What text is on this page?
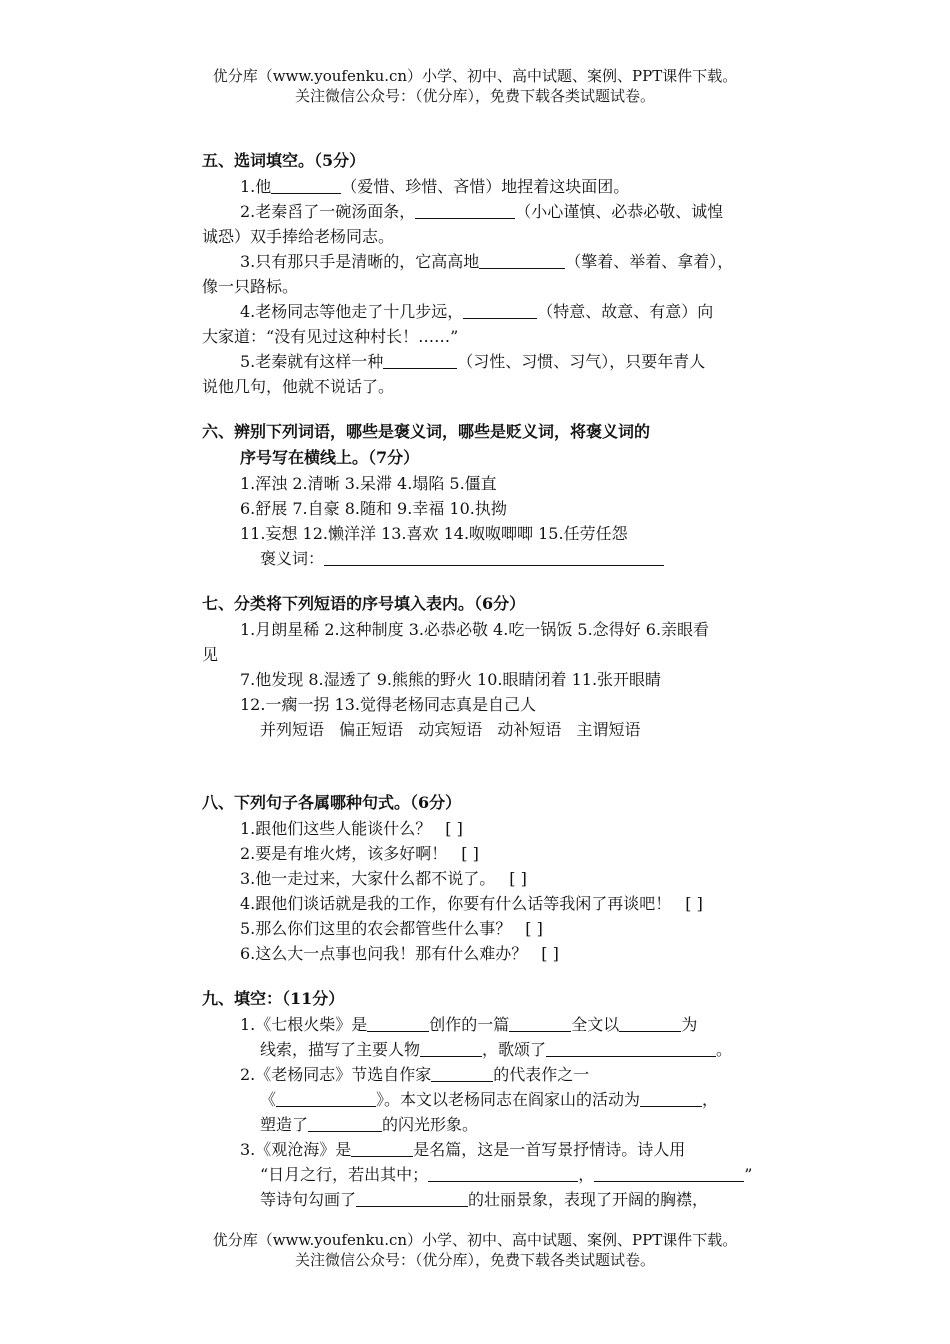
优分库（www.youfenku.cn）小学、初中、高中试题、案例、PPT课件下载。
关注微信公众号：（优分库），免费下载各类试题试卷。
五、选词填空。（5分）
1.他	（爱惜、珍惜、吝惜）地捏着这块面团。
2.老秦舀了一碗汤面条，	（小心谨慎、必恭必敬、诚惶
诚恐）双手捧给老杨同志。
3.只有那只手是清晰的，它高高地	（擎着、举着、拿着），
像一只路标。
4.老杨同志等他走了十几步远，	（特意、故意、有意）向
大家道：“没有见过这种村长！……”
5.老秦就有这样一种	（习性、习惯、习气），只要年青人
说他几句，他就不说话了。
六、辨别下列词语，哪些是褒义词，哪些是贬义词，将褒义词的
序号写在横线上。（7分）
1.浑浊 2.清晰 3.呆滞 4.塌陷 5.僵直
6.舒展 7.自豪 8.随和 9.幸福 10.执拗
11.妄想 12.懒洋洋 13.喜欢 14.呶呶唧唧 15.任劳任怨
褒义词：
七、分类将下列短语的序号填入表内。（6分）
1.月朗星稀 2.这种制度 3.必恭必敬 4.吃一锅饭 5.念得好 6.亲眼看
见
7.他发现 8.湿透了 9.熊熊的野火 10.眼睛闭着 11.张开眼睛
12.一瘸一拐 13.觉得老杨同志真是自己人
并列短语 偏正短语 动宾短语 动补短语 主谓短语
八、下列句子各属哪种句式。（6分）
1.跟他们这些人能谈什么？ [ ]
2.要是有堆火烤，该多好啊！ [ ]
3.他一走过来，大家什么都不说了。 [ ]
4.跟他们谈话就是我的工作，你要有什么话等我闲了再谈吧！ [ ]
5.那么你们这里的农会都管些什么事？ [ ]
6.这么大一点事也问我！那有什么难办？ [ ]
九、填空：（11分）
1.《七根火柴》是	创作的一篇	全文以	为
线索，描写了主要人物	，歌颂了	。
2.《老杨同志》节选自作家	的代表作之一
《	》。本文以老杨同志在阎家山的活动为	，
塑造了	的闪光形象。
3.《观沧海》是	是名篇，这是一首写景抒情诗。诗人用
“日月之行，若出其中；	，	”
等诗句勾画了	的壮丽景象，表现了开阔的胸襟，
优分库（www.youfenku.cn）小学、初中、高中试题、案例、PPT课件下载。
关注微信公众号：（优分库），免费下载各类试题试卷。
